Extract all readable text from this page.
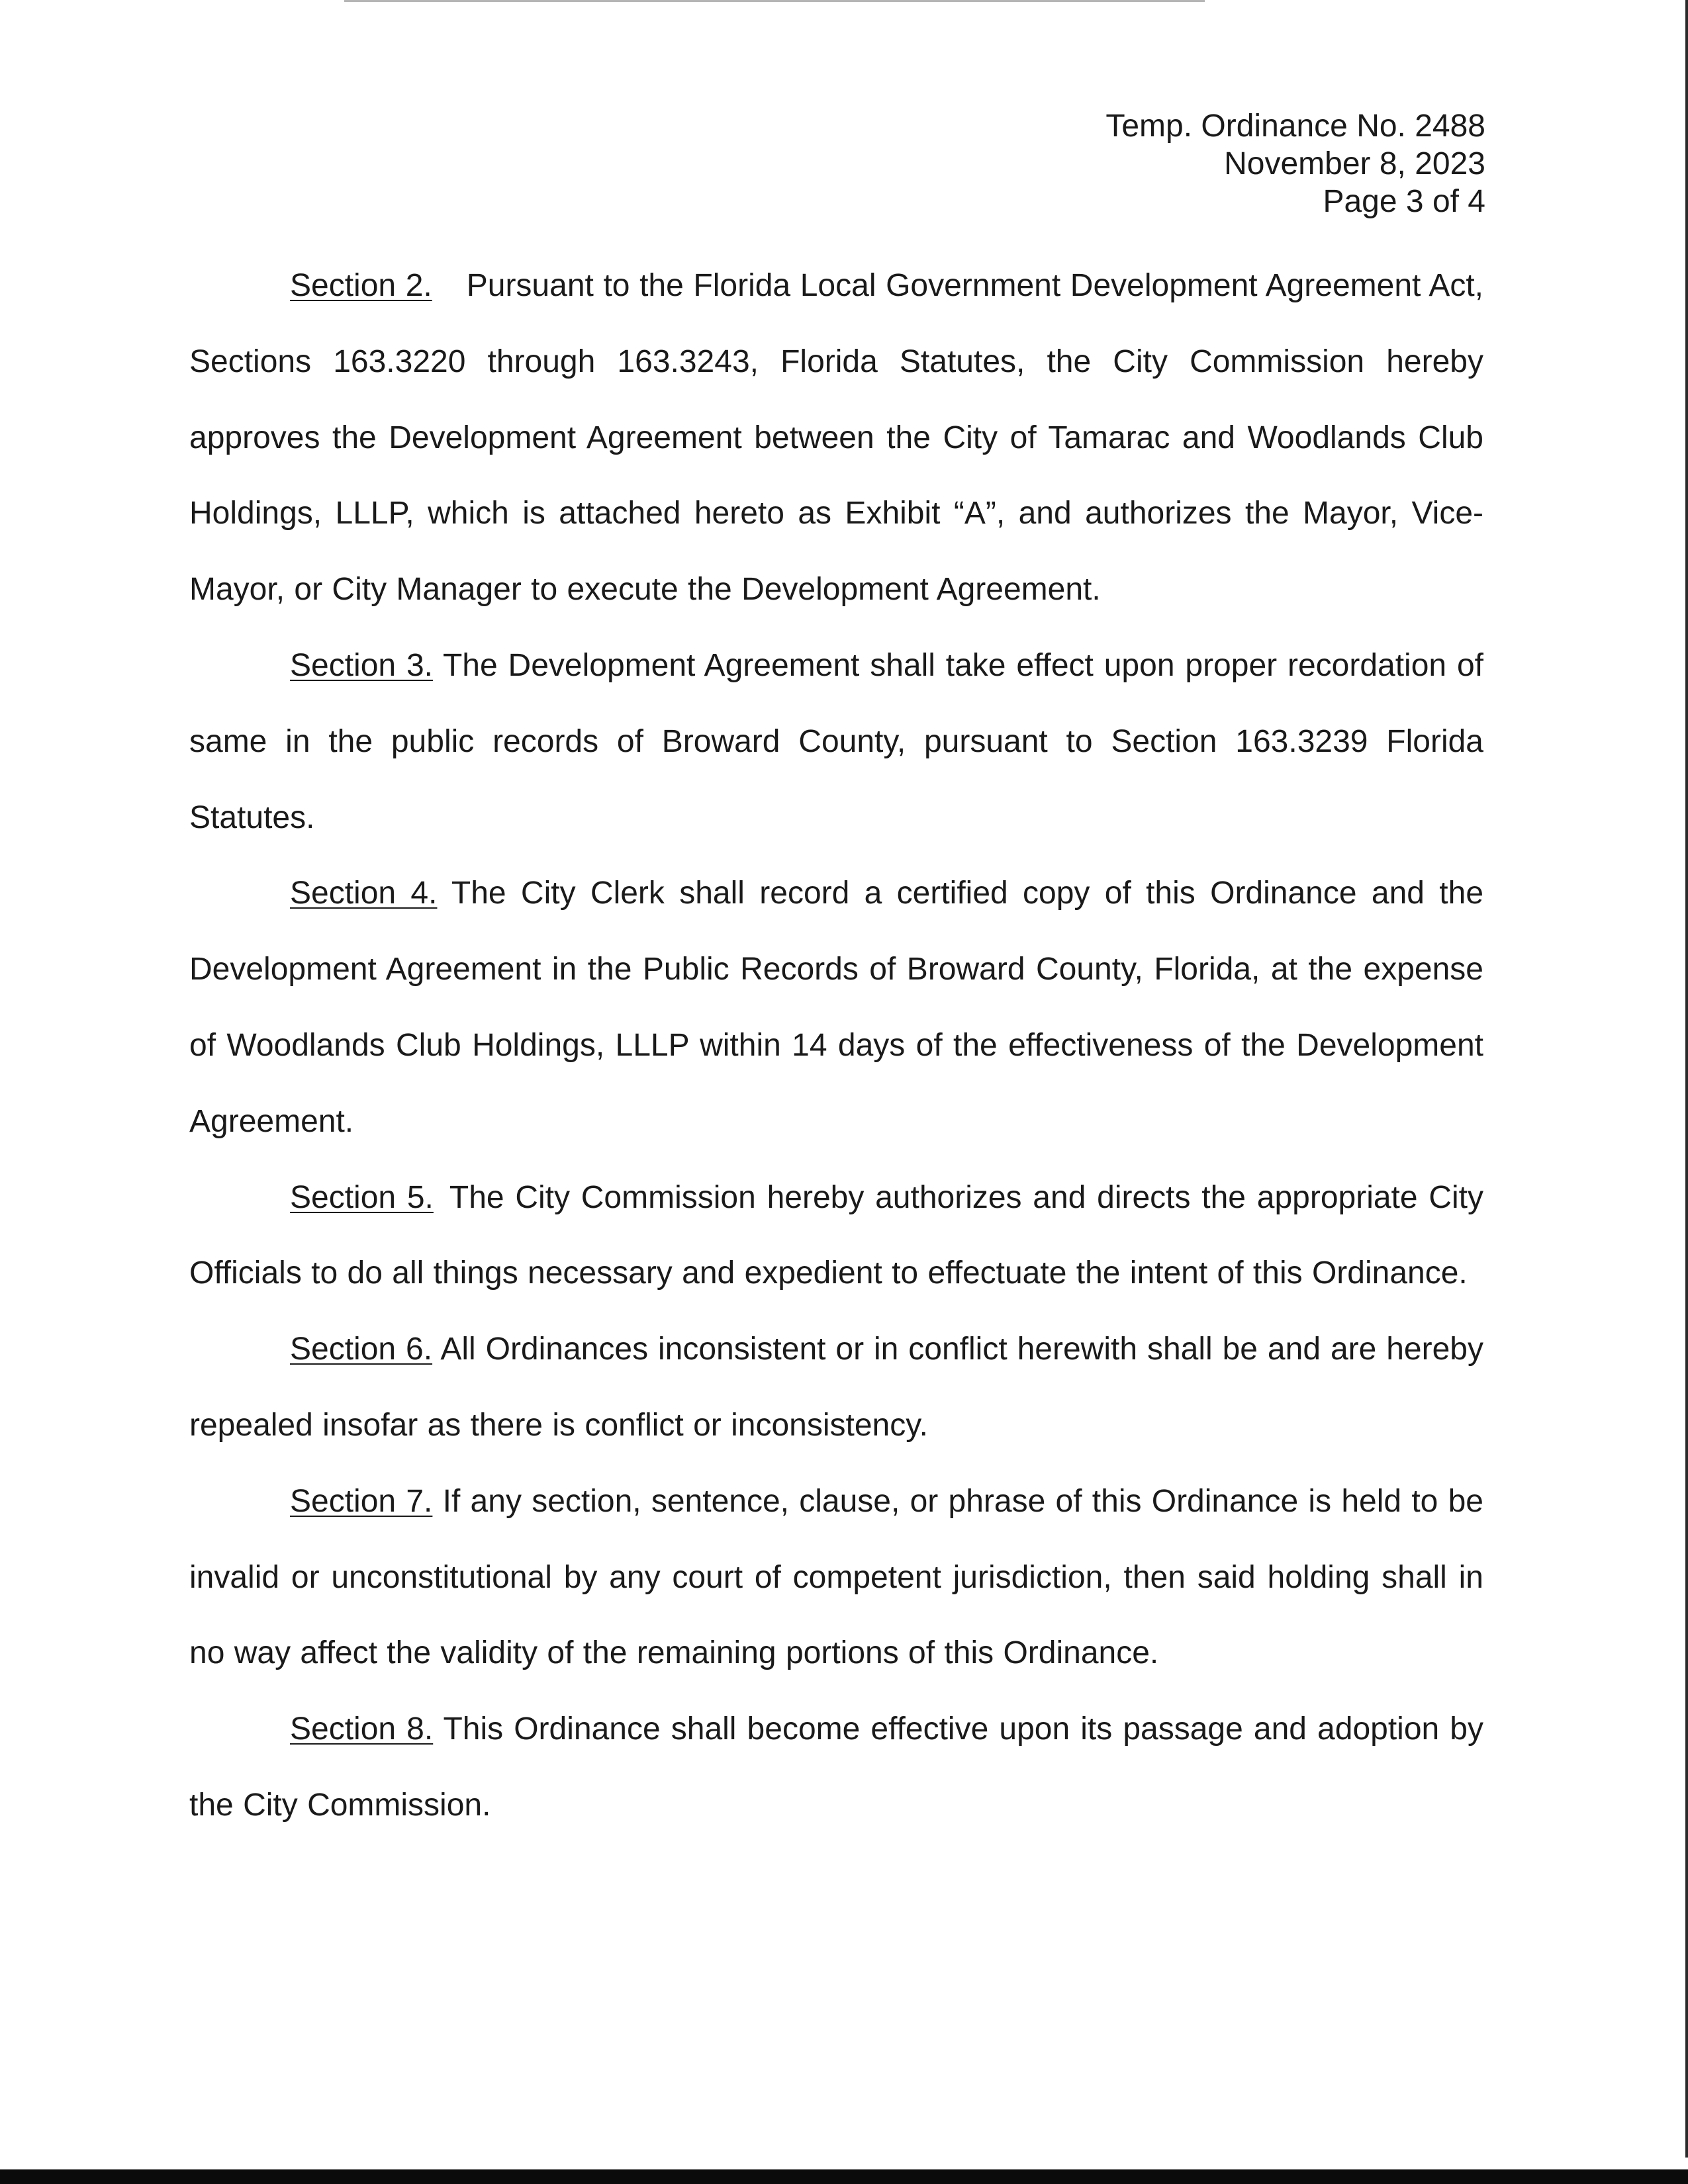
Temp. Ordinance No. 2488
November 8, 2023
Page 3 of 4

Section 2. Pursuant to the Florida Local Government Development Agreement Act, Sections 163.3220 through 163.3243, Florida Statutes, the City Commission hereby approves the Development Agreement between the City of Tamarac and Woodlands Club Holdings, LLLP, which is attached hereto as Exhibit “A”, and authorizes the Mayor, Vice-Mayor, or City Manager to execute the Development Agreement.

Section 3. The Development Agreement shall take effect upon proper recordation of same in the public records of Broward County, pursuant to Section 163.3239 Florida Statutes.

Section 4. The City Clerk shall record a certified copy of this Ordinance and the Development Agreement in the Public Records of Broward County, Florida, at the expense of Woodlands Club Holdings, LLLP within 14 days of the effectiveness of the Development Agreement.

Section 5. The City Commission hereby authorizes and directs the appropriate City Officials to do all things necessary and expedient to effectuate the intent of this Ordinance.

Section 6. All Ordinances inconsistent or in conflict herewith shall be and are hereby repealed insofar as there is conflict or inconsistency.

Section 7. If any section, sentence, clause, or phrase of this Ordinance is held to be invalid or unconstitutional by any court of competent jurisdiction, then said holding shall in no way affect the validity of the remaining portions of this Ordinance.

Section 8. This Ordinance shall become effective upon its passage and adoption by the City Commission.
